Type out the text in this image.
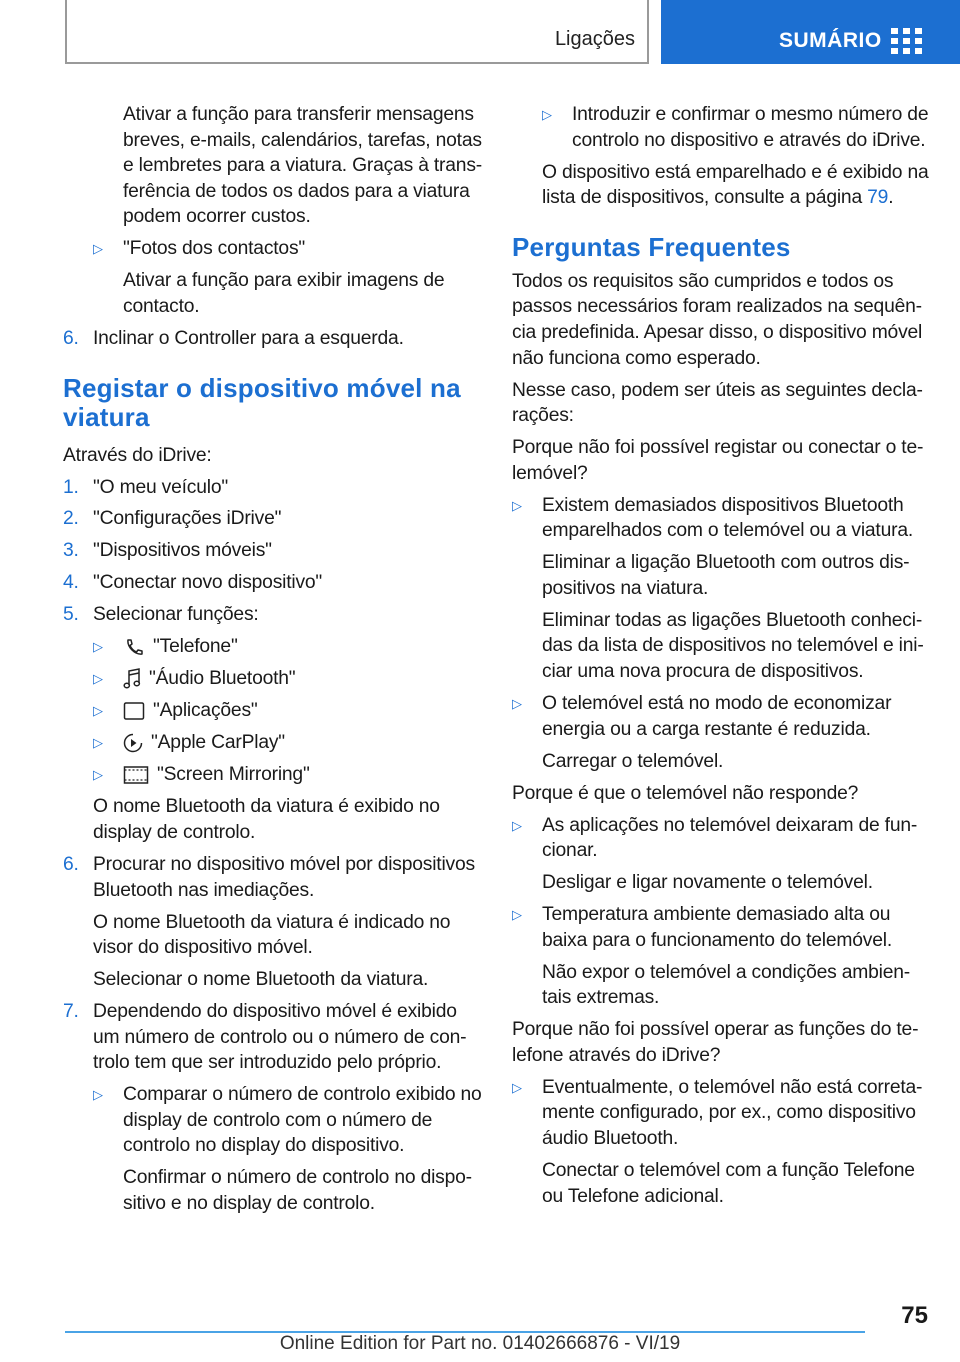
Ligações	SUMÁRIO
Ativar a função para transferir mensagens breves, e-mails, calendários, tarefas, notas e lembretes para a viatura. Graças à transferência de todos os dados para a viatura podem ocorrer custos.
▷	"Fotos dos contactos"
Ativar a função para exibir imagens de contacto.
6. Inclinar o Controller para a esquerda.
Registar o dispositivo móvel na viatura
Através do iDrive:
1. "O meu veículo"
2. "Configurações iDrive"
3. "Dispositivos móveis"
4. "Conectar novo dispositivo"
5. Selecionar funções:
▷	"Telefone"
▷	"Áudio Bluetooth"
▷	"Aplicações"
▷	"Apple CarPlay"
▷	"Screen Mirroring"
O nome Bluetooth da viatura é exibido no display de controlo.
6. Procurar no dispositivo móvel por dispositivos Bluetooth nas imediações.
O nome Bluetooth da viatura é indicado no visor do dispositivo móvel.
Selecionar o nome Bluetooth da viatura.
7. Dependendo do dispositivo móvel é exibido um número de controlo ou o número de controlo tem que ser introduzido pelo próprio.
▷	Comparar o número de controlo exibido no display de controlo com o número de controlo no display do dispositivo.
Confirmar o número de controlo no dispositivo e no display de controlo.
▷	Introduzir e confirmar o mesmo número de controlo no dispositivo e através do iDrive.
O dispositivo está emparelhado e é exibido na lista de dispositivos, consulte a página 79.
Perguntas Frequentes
Todos os requisitos são cumpridos e todos os passos necessários foram realizados na sequência predefinida. Apesar disso, o dispositivo móvel não funciona como esperado.
Nesse caso, podem ser úteis as seguintes declarações:
Porque não foi possível registar ou conectar o telemóvel?
▷	Existem demasiados dispositivos Bluetooth emparelhados com o telemóvel ou a viatura.
Eliminar a ligação Bluetooth com outros dispositivos na viatura.
Eliminar todas as ligações Bluetooth conhecidas da lista de dispositivos no telemóvel e iniciar uma nova procura de dispositivos.
▷	O telemóvel está no modo de economizar energia ou a carga restante é reduzida.
Carregar o telemóvel.
Porque é que o telemóvel não responde?
▷	As aplicações no telemóvel deixaram de funcionar.
Desligar e ligar novamente o telemóvel.
▷	Temperatura ambiente demasiado alta ou baixa para o funcionamento do telemóvel.
Não expor o telemóvel a condições ambientais extremas.
Porque não foi possível operar as funções do telefone através do iDrive?
▷	Eventualmente, o telemóvel não está corretamente configurado, por ex., como dispositivo áudio Bluetooth.
Conectar o telemóvel com a função Telefone ou Telefone adicional.
75
Online Edition for Part no. 01402666876 - VI/19
